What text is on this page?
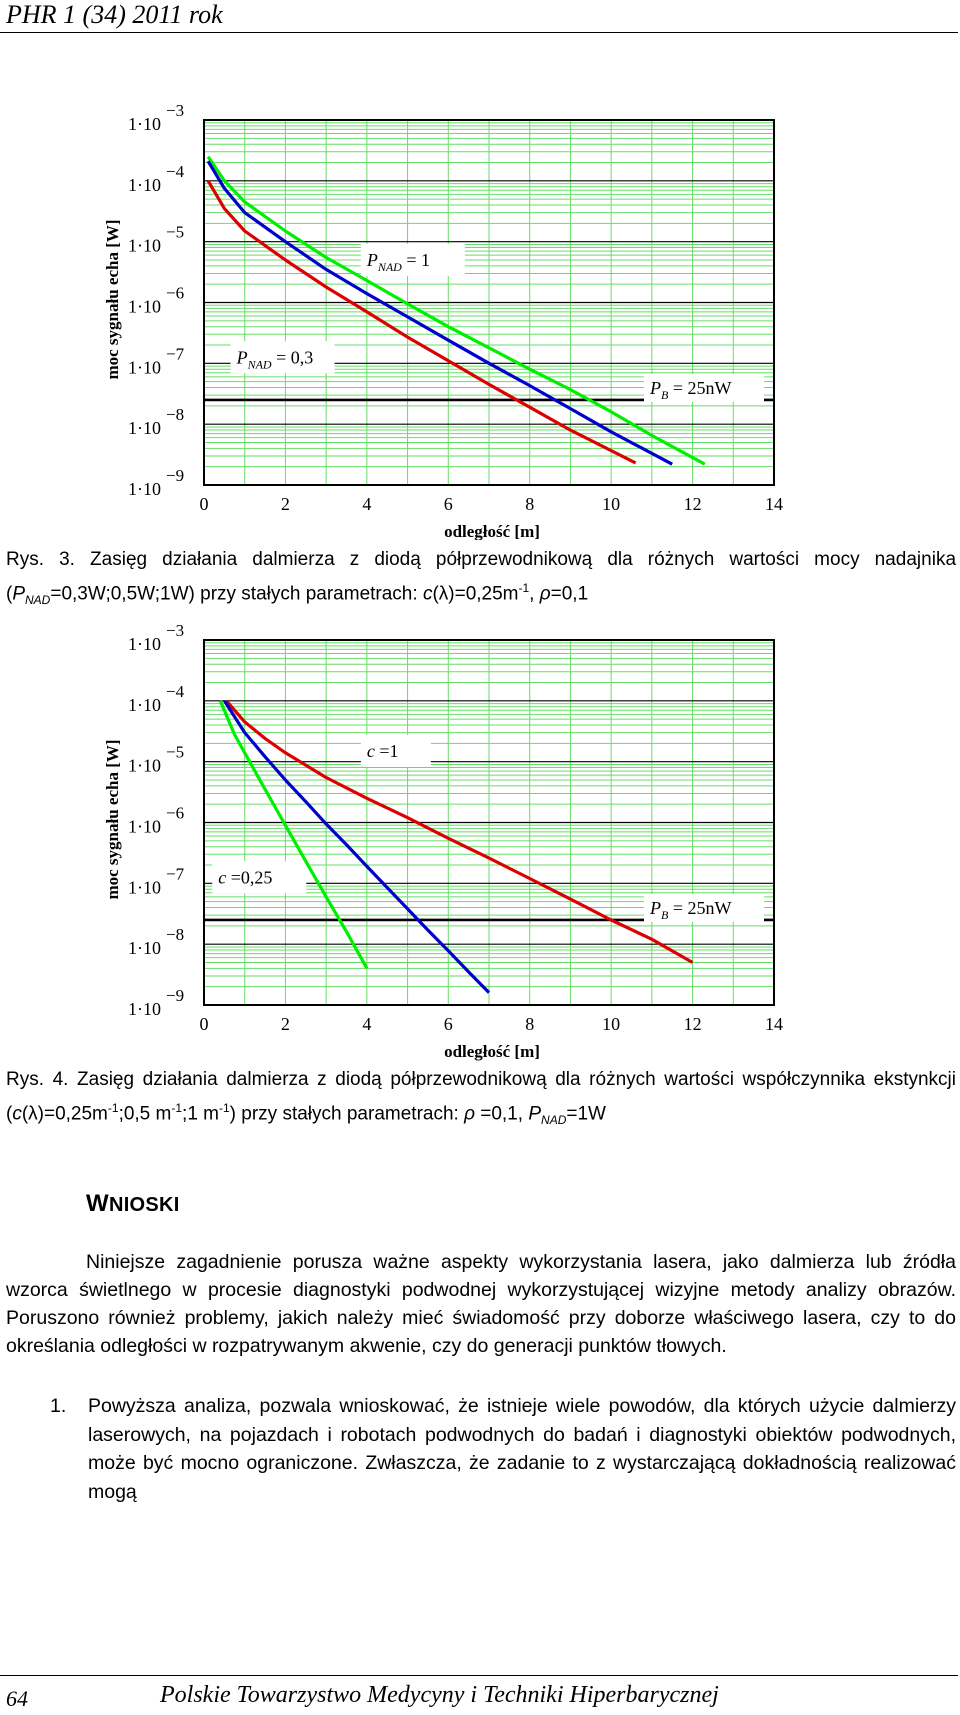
PHR 1 (34) 2011 rok
$P_{NAD} = 1$
$P_{NAD} = 0,3$
$P_B = 25nW$
1·10
−3
1·10
−4
1·10
−5
1·10
−6
1·10
−7
1·10
−8
1·10
−9
0	2	4	6	8	10	12	14
odległość [m]
moc sygnału echa [W]
Rys. 3. Zasięg działania dalmierza z diodą półprzewodnikową dla różnych wartości mocy nadajnika $(P_{NAD}=0,3W;0,5W;1W)$ przy stałych parametrach: $c(\lambda)=0,25m^{-1}$, ρ=0,1
c =1
c =0,25
$P_B = 25nW$
1·10
−3
1·10
−4
1·10
−5
1·10
−6
1·10
−7
1·10
−8
1·10
−9
0	2	4	6	8	10	12	14
odległość [m]
moc sygnału echa [W]
Rys. 4. Zasięg działania dalmierza z diodą półprzewodnikową dla różnych wartości współczynnika ekstynkcji ($c(\lambda)=0,25m^{-1};0,5$ $m^{-1};1$ $m^{-1}$) przy stałych parametrach: ρ =0,1, $P_{NAD}=1W$
WNIOSKI
Niniejsze zagadnienie porusza ważne aspekty wykorzystania lasera, jako dalmierza lub źródła wzorca świetlnego w procesie diagnostyki podwodnej wykorzystującej wizyjne metody analizy obrazów. Poruszono również problemy, jakich należy mieć świadomość przy doborze właściwego lasera, czy to do określania odległości w rozpatrywanym akwenie, czy do generacji punktów tłowych.
1. Powyższa analiza, pozwala wnioskować, że istnieje wiele powodów, dla których użycie dalmierzy laserowych, na pojazdach i robotach podwodnych do badań i diagnostyki obiektów podwodnych, może być mocno ograniczone. Zwłaszcza, że zadanie to z wystarczającą dokładnością realizować mogą
Polskie Towarzystwo Medycyny i Techniki Hiperbarycznej
64
